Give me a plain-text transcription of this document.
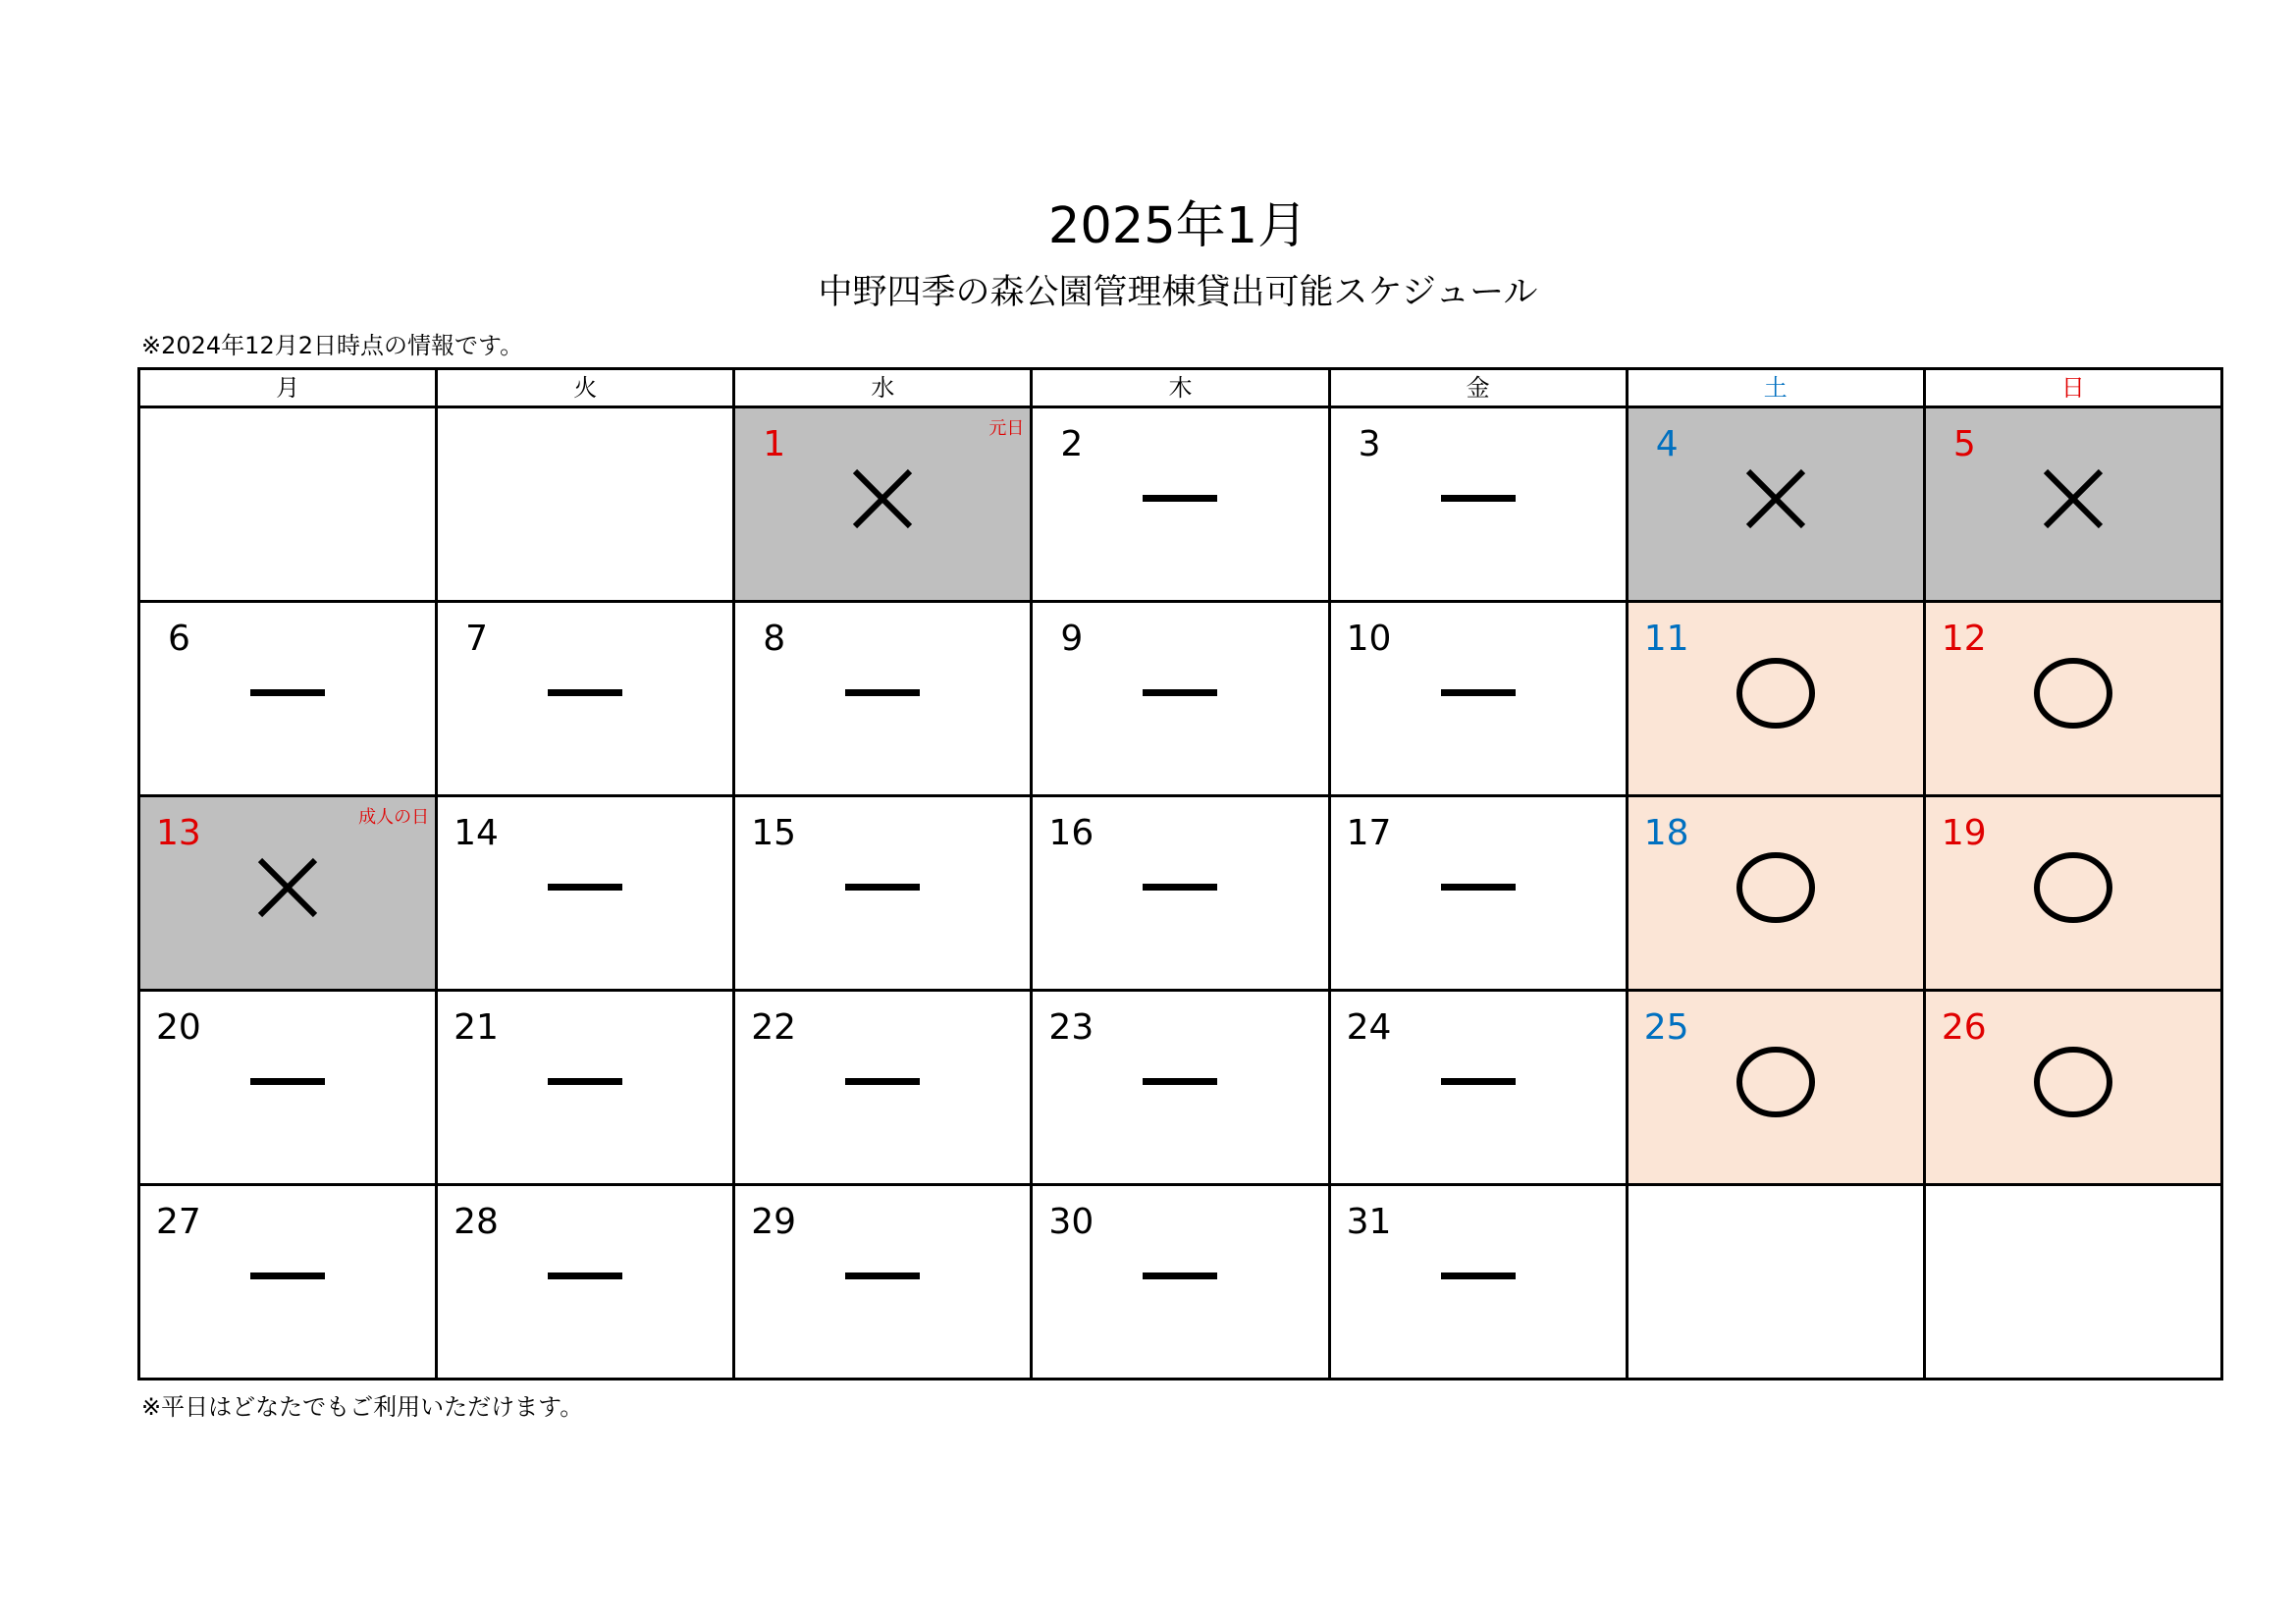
2025年1月
中野四季の森公園管理棟貸出可能スケジュール
※2024年12月2日時点の情報です。
月	火	水	木	金	土	日

		1 元日	2	3	4	5

6	7	8	9	10	11	12

13 成人の日	14	15	16	17	18	19

20	21	22	23	24	25	26

27	28	29	30	31		

※平日はどなたでもご利用いただけます。
